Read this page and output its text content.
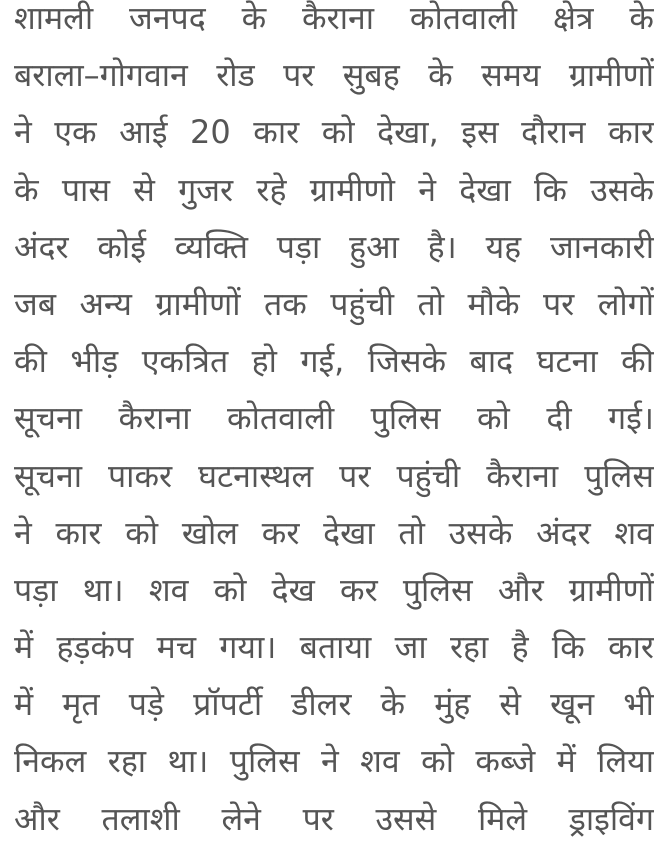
शामली जनपद के कैराना कोतवाली क्षेत्र के
बराला–गोगवान रोड पर सुबह के समय ग्रामीणों
ने एक आई 20 कार को देखा, इस दौरान कार
के पास से गुजर रहे ग्रामीणो ने देखा कि उसके
अंदर कोई व्यक्ति पड़ा हुआ है। यह जानकारी
जब अन्य ग्रामीणों तक पहुंची तो मौके पर लोगों
की भीड़ एकत्रित हो गई, जिसके बाद घटना की
सूचना कैराना कोतवाली पुलिस को दी गई।
सूचना पाकर घटनास्थल पर पहुंची कैराना पुलिस
ने कार को खोल कर देखा तो उसके अंदर शव
पड़ा था। शव को देख कर पुलिस और ग्रामीणों
में हड़कंप मच गया। बताया जा रहा है कि कार
में मृत पड़े प्रॉपर्टी डीलर के मुंह से खून भी
निकल रहा था। पुलिस ने शव को कब्जे में लिया
और तलाशी लेने पर उससे मिले ड्राइविंग
